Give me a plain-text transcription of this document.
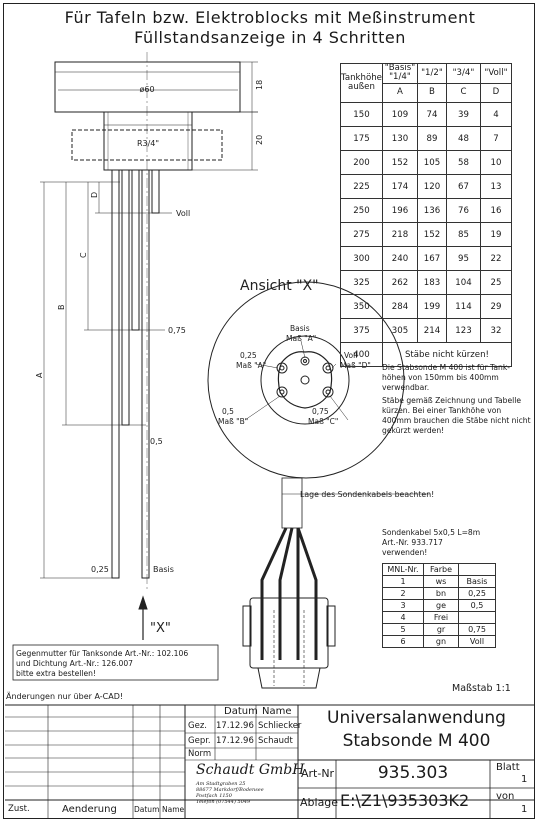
Für Tafeln bzw. Elektroblocks mit Meßinstrument
Füllstandsanzeige in 4 Schritten
ø60	18
20
R3/4"
Voll
0,75
0,5
0,25	Basis
A
B
C
D
"X"
Ansicht "X"
Basis
Maß "A"
0,25
Maß "A"
Voll
Maß "D"
0,5
Maß "B"
0,75
Maß "C"
Lage des Sondenkabels beachten!
Tankhöhe außen	"Basis" "1/4"	"1/2"	"3/4"	"Voll"
	A	B	C	D
150	109	74	39	4
175	130	89	48	7
200	152	105	58	10
225	174	120	67	13
250	196	136	76	16
275	218	152	85	19
300	240	167	95	22
325	262	183	104	25
350	284	199	114	29
375	305	214	123	32
400	Stäbe nicht kürzen!			
Die Stabsonde M 400 ist für Tank- höhen von 150mm bis 400mm verwendbar.
Stäbe gemäß Zeichnung und Tabelle kürzen. Bei einer Tankhöhe von 400mm brauchen die Stäbe nicht nicht gekürzt werden!
Sondenkabel 5x0,5 L=8m
Art.-Nr. 933.717
verwenden!
MNL-Nr.	Farbe	
1	ws	Basis
2	bn	0,25
3	ge	0,5
4	Frei	
5	gr	0,75
6	gn	Voll
Gegenmutter für Tanksonde Art.-Nr.: 102.106
und Dichtung Art.-Nr.: 126.007
bitte extra bestellen!
Maßstab 1:1
Änderungen nur über A-CAD!
Datum Name
Gez. 17.12.96 Schliecker
Gepr. 17.12.96 Schaudt
Norm
Universalanwendung
Stabsonde M 400
Schaudt GmbH
Am Stadtgraben 25
88677 Markdorf/Bodensee
Postfach 1150
Telefon (07544) 5049
Art-Nr	935.303	Blatt
1
Ablage E:\Z1\935303K2	von
1
Zust.	Aenderung Datum Name
